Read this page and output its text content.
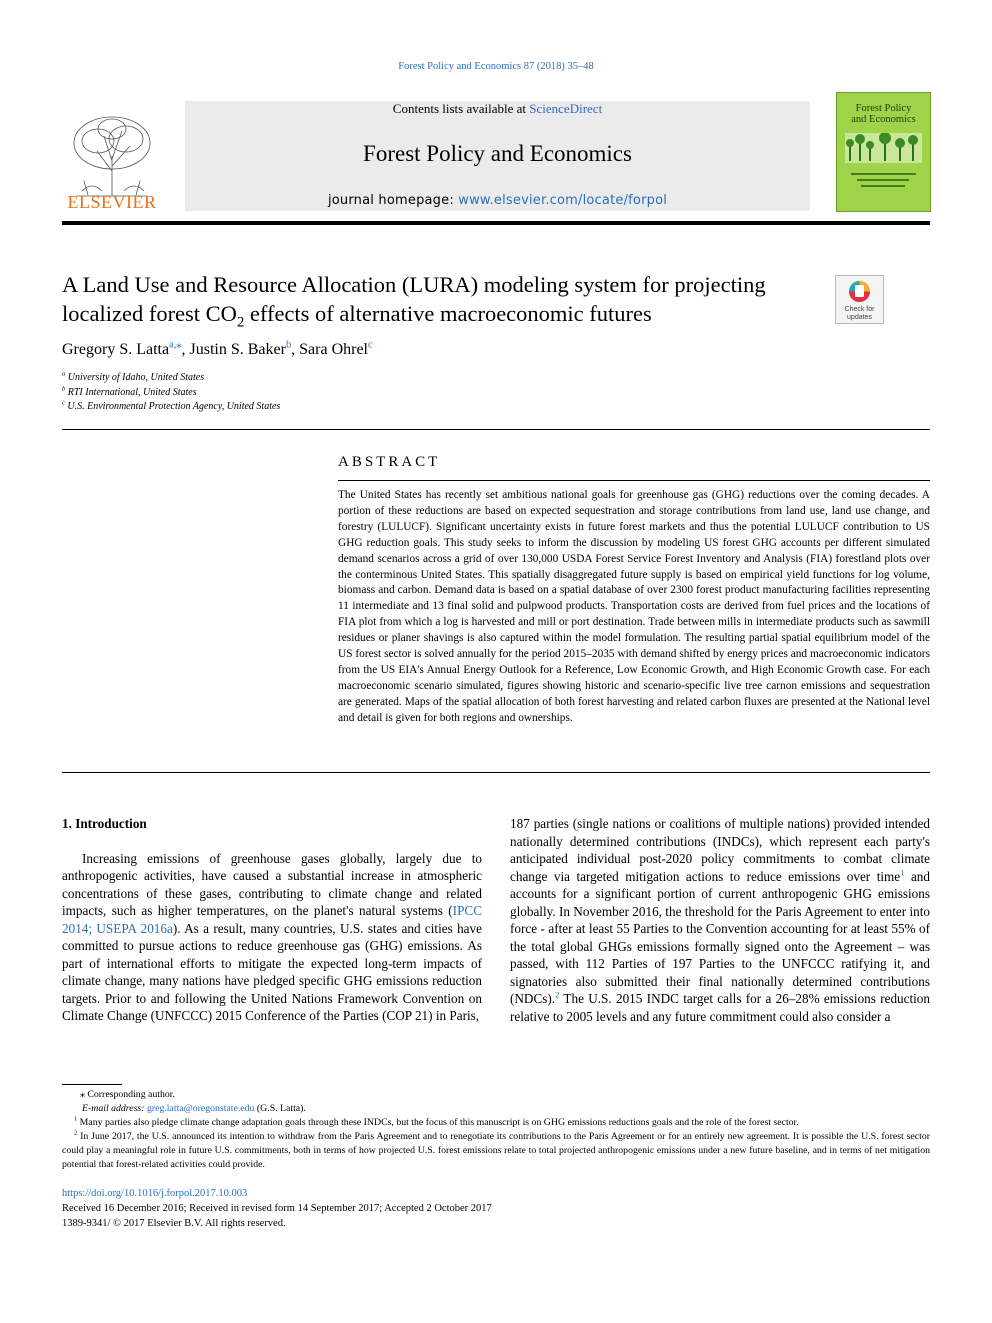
Forest Policy and Economics 87 (2018) 35–48
ELSEVIER
Contents lists available at ScienceDirect
Forest Policy and Economics
journal homepage: www.elsevier.com/locate/forpol
Forest Policy
and Economics
A Land Use and Resource Allocation (LURA) modeling system for projecting localized forest $CO_2$ effects of alternative macroeconomic futures	Check for
updates
Gregory S. Latta$^{a,⁎}$, Justin S. Baker$^b$, Sara Ohrel$^c$
$^a$ University of Idaho, United States
$^b$ RTI International, United States
$^c$ U.S. Environmental Protection Agency, United States
ABSTRACT
The United States has recently set ambitious national goals for greenhouse gas (GHG) reductions over the coming decades. A portion of these reductions are based on expected sequestration and storage contributions from land use, land use change, and forestry (LULUCF). Significant uncertainty exists in future forest markets and thus the potential LULUCF contribution to US GHG reduction goals. This study seeks to inform the discussion by modeling US forest GHG accounts per different simulated demand scenarios across a grid of over 130,000 USDA Forest Service Forest Inventory and Analysis (FIA) forestland plots over the conterminous United States. This spatially disaggregated future supply is based on empirical yield functions for log volume, biomass and carbon. Demand data is based on a spatial database of over 2300 forest product manufacturing facilities representing 11 intermediate and 13 final solid and pulpwood products. Transportation costs are derived from fuel prices and the locations of FIA plot from which a log is harvested and mill or port destination. Trade between mills in intermediate products such as sawmill residues or planer shavings is also captured within the model formulation. The resulting partial spatial equilibrium model of the US forest sector is solved annually for the period 2015–2035 with demand shifted by energy prices and macroeconomic indicators from the US EIA's Annual Energy Outlook for a Reference, Low Economic Growth, and High Economic Growth case. For each macroeconomic scenario simulated, figures showing historic and scenario-specific live tree carnon emissions and sequestration are generated. Maps of the spatial allocation of both forest harvesting and related carbon fluxes are presented at the National level and detail is given for both regions and ownerships.
1. Introduction
Increasing emissions of greenhouse gases globally, largely due to anthropogenic activities, have caused a substantial increase in atmospheric concentrations of these gases, contributing to climate change and related impacts, such as higher temperatures, on the planet's natural systems (IPCC 2014; USEPA 2016a). As a result, many countries, U.S. states and cities have committed to pursue actions to reduce greenhouse gas (GHG) emissions. As part of international efforts to mitigate the expected long-term impacts of climate change, many nations have pledged specific GHG emissions reduction targets. Prior to and following the United Nations Framework Convention on Climate Change (UNFCCC) 2015 Conference of the Parties (COP 21) in Paris,
187 parties (single nations or coalitions of multiple nations) provided intended nationally determined contributions (INDCs), which represent each party's anticipated individual post-2020 policy commitments to combat climate change via targeted mitigation actions to reduce emissions over time$^1$ and accounts for a significant portion of current anthropogenic GHG emissions globally. In November 2016, the threshold for the Paris Agreement to enter into force - after at least 55 Parties to the Convention accounting for at least 55% of the total global GHGs emissions formally signed onto the Agreement – was passed, with 112 Parties of 197 Parties to the UNFCCC ratifying it, and signatories also submitted their final nationally determined contributions (NDCs).$^2$ The U.S. 2015 INDC target calls for a 26–28% emissions reduction relative to 2005 levels and any future commitment could also consider a
⁎ Corresponding author.
E-mail address: greg.latta@oregonstate.edu (G.S. Latta).
$^1$ Many parties also pledge climate change adaptation goals through these INDCs, but the focus of this manuscript is on GHG emissions reductions goals and the role of the forest sector.
$^2$ In June 2017, the U.S. announced its intention to withdraw from the Paris Agreement and to renegotiate its contributions to the Paris Agreement or for an entirely new agreement. It is possible the U.S. forest sector could play a meaningful role in future U.S. commitments, both in terms of how projected U.S. forest emissions relate to total projected anthropogenic emissions under a new future baseline, and in terms of net mitigation potential that forest-related activities could provide.
https://doi.org/10.1016/j.forpol.2017.10.003
Received 16 December 2016; Received in revised form 14 September 2017; Accepted 2 October 2017
1389-9341/ © 2017 Elsevier B.V. All rights reserved.
